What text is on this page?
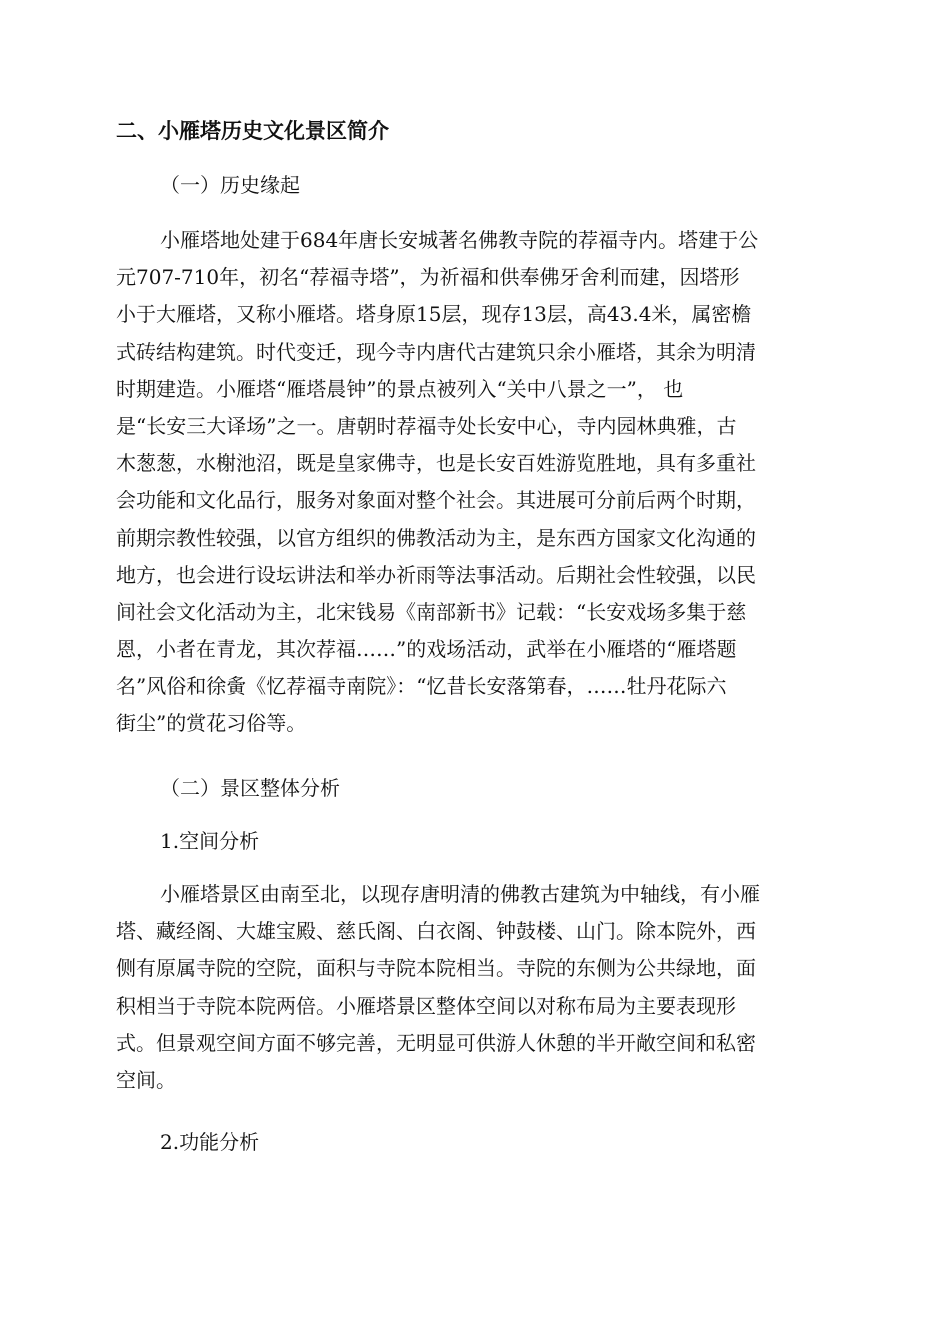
二、小雁塔历史文化景区简介
（一）历史缘起
小雁塔地处建于684年唐长安城著名佛教寺院的荐福寺内。塔建于公
元707-710年，初名“荐福寺塔”，为祈福和供奉佛牙舍利而建，因塔形
小于大雁塔，又称小雁塔。塔身原15层，现存13层，高43.4米，属密檐
式砖结构建筑。时代变迁，现今寺内唐代古建筑只余小雁塔，其余为明清
时期建造。小雁塔“雁塔晨钟”的景点被列入“关中八景之一”， 也
是“长安三大译场”之一。唐朝时荐福寺处长安中心，寺内园林典雅，古
木葱葱，水榭池沼，既是皇家佛寺，也是长安百姓游览胜地，具有多重社
会功能和文化品行，服务对象面对整个社会。其进展可分前后两个时期，
前期宗教性较强，以官方组织的佛教活动为主，是东西方国家文化沟通的
地方，也会进行设坛讲法和举办祈雨等法事活动。后期社会性较强，以民
间社会文化活动为主，北宋钱易《南部新书》记载：“长安戏场多集于慈
恩，小者在青龙，其次荐福……”的戏场活动，武举在小雁塔的“雁塔题
名”风俗和徐夤《忆荐福寺南院》：“忆昔长安落第春，……牡丹花际六
街尘”的赏花习俗等。
（二）景区整体分析
1.空间分析
小雁塔景区由南至北，以现存唐明清的佛教古建筑为中轴线，有小雁
塔、藏经阁、大雄宝殿、慈氏阁、白衣阁、钟鼓楼、山门。除本院外，西
侧有原属寺院的空院，面积与寺院本院相当。寺院的东侧为公共绿地，面
积相当于寺院本院两倍。小雁塔景区整体空间以对称布局为主要表现形
式。但景观空间方面不够完善，无明显可供游人休憩的半开敞空间和私密
空间。
2.功能分析
